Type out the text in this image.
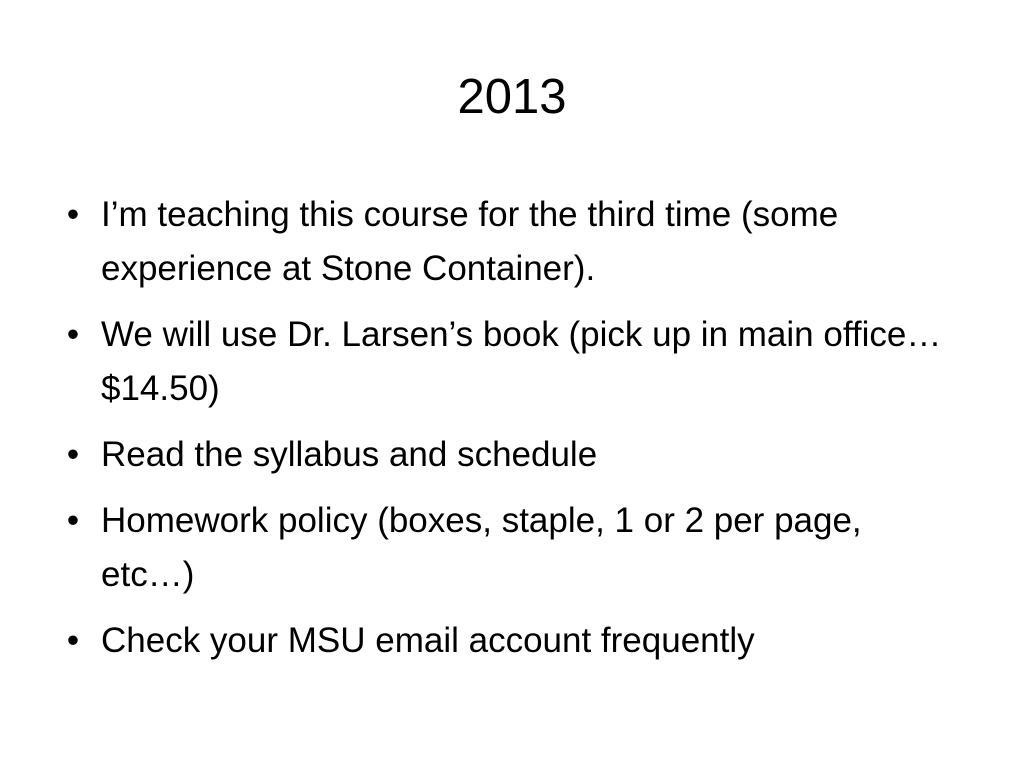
2013
• I’m teaching this course for the third time (some experience at Stone Container).
• We will use Dr. Larsen’s book (pick up in main office…$14.50)
• Read the syllabus and schedule
• Homework policy (boxes, staple, 1 or 2 per page, etc…)
• Check your MSU email account frequently
